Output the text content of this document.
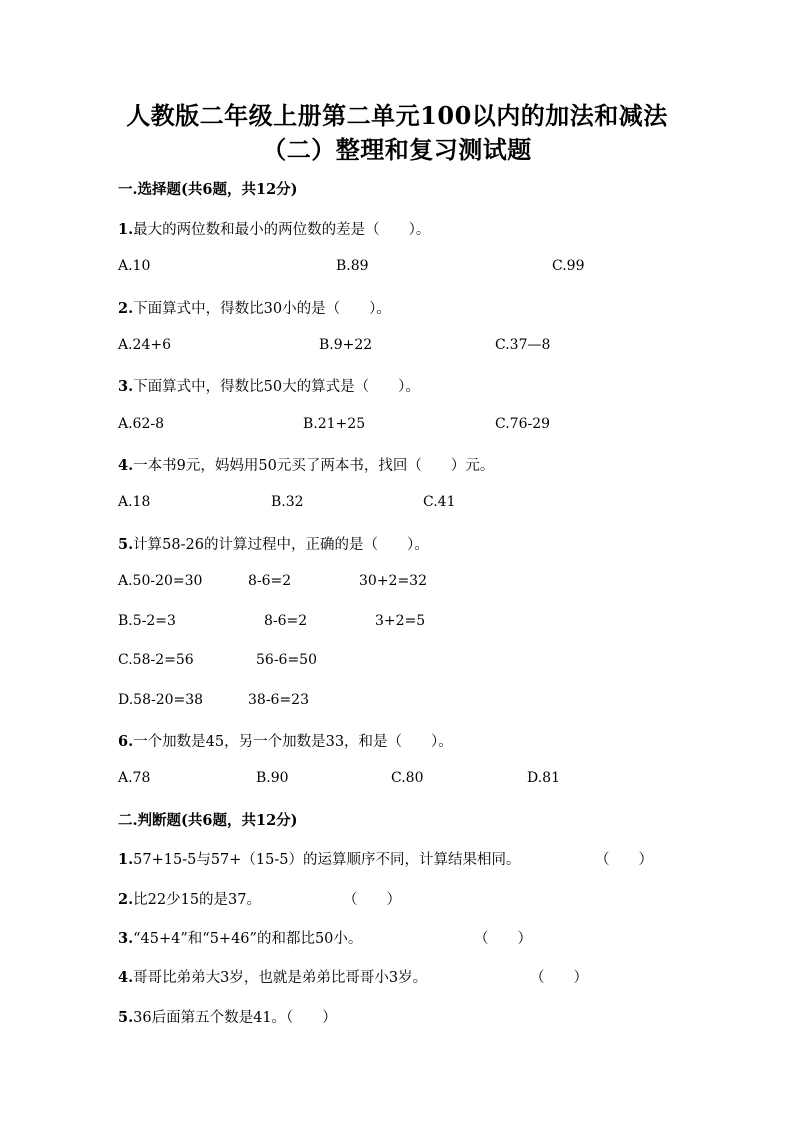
人教版二年级上册第二单元100以内的加法和减法
（二）整理和复习测试题
一.选择题(共6题，共12分)
1.最大的两位数和最小的两位数的差是（　　）。
A.10	B.89	C.99
2.下面算式中，得数比30小的是（　　）。
A.24+6	B.9+22	C.37—8
3.下面算式中，得数比50大的算式是（　　）。
A.62-8	B.21+25	C.76-29
4.一本书9元，妈妈用50元买了两本书，找回（　　）元。
A.18	B.32	C.41
5.计算58-26的计算过程中，正确的是（　　）。
A.50-20=30	8-6=2	30+2=32
B.5-2=3	8-6=2	3+2=5
C.58-2=56	56-6=50
D.58-20=38	38-6=23
6.一个加数是45，另一个加数是33，和是（　　）。
A.78	B.90	C.80	D.81
二.判断题(共6题，共12分)
1.57+15-5与57+（15-5）的运算顺序不同，计算结果相同。	（　　）
2.比22少15的是37。	（　　）
3.“45+4”和“5+46”的和都比50小。	（　　）
4.哥哥比弟弟大3岁，也就是弟弟比哥哥小3岁。	（　　）
5.36后面第五个数是41。（　　）
